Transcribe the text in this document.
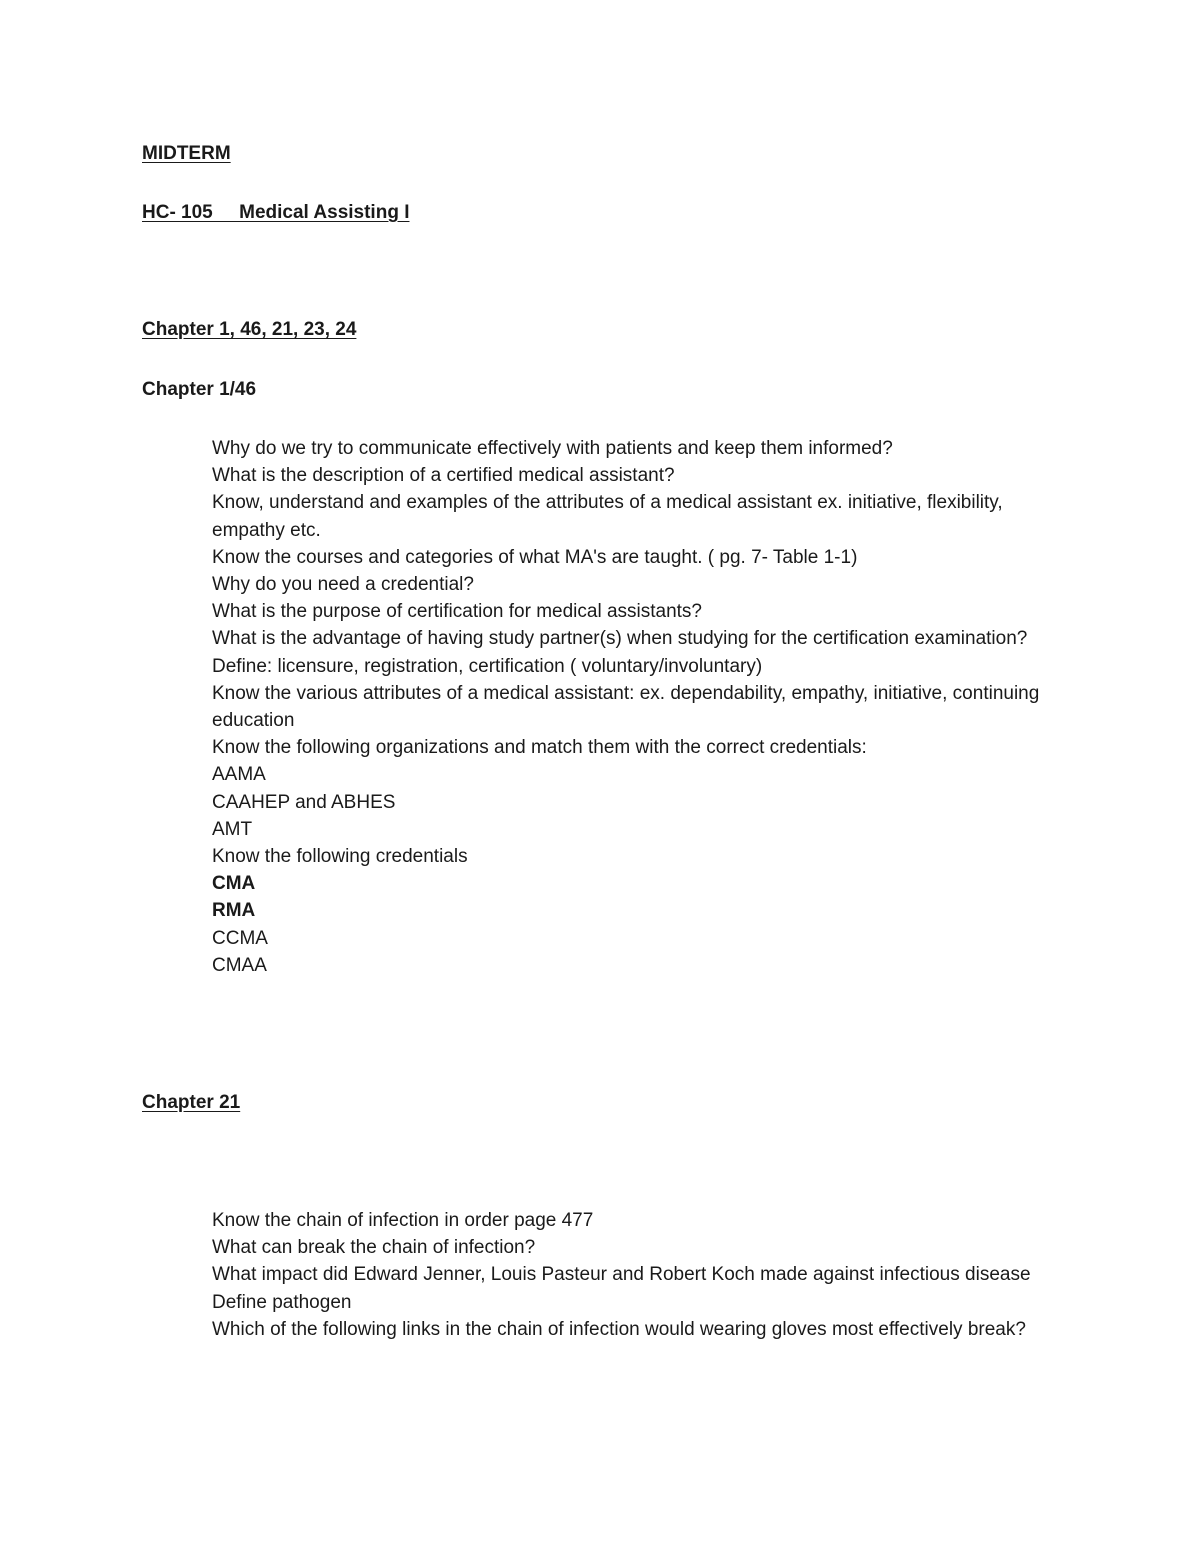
MIDTERM
HC- 105     Medical Assisting I
Chapter 1, 46, 21, 23, 24
Chapter 1/46
Why do we try to communicate effectively with patients and keep them informed?
What is the description of a certified medical assistant?
Know, understand and examples of the attributes of a medical assistant ex. initiative, flexibility, empathy etc.
Know the courses and categories of what MA's are taught. ( pg. 7- Table 1-1)
Why do you need a credential?
What is the purpose of certification for medical assistants?
What is the advantage of having study partner(s) when studying for the certification examination?
Define: licensure, registration, certification ( voluntary/involuntary)
Know the various attributes of a medical assistant: ex. dependability, empathy, initiative, continuing education
Know the following organizations and match them with the correct credentials:
AAMA
CAAHEP and ABHES
AMT
Know the following credentials
CMA
RMA
CCMA
CMAA
Chapter 21
Know the chain of infection in order page 477
What can break the chain of infection?
What impact did Edward Jenner, Louis Pasteur and Robert Koch made against infectious disease
Define pathogen
Which of the following links in the chain of infection would wearing gloves most effectively break?
